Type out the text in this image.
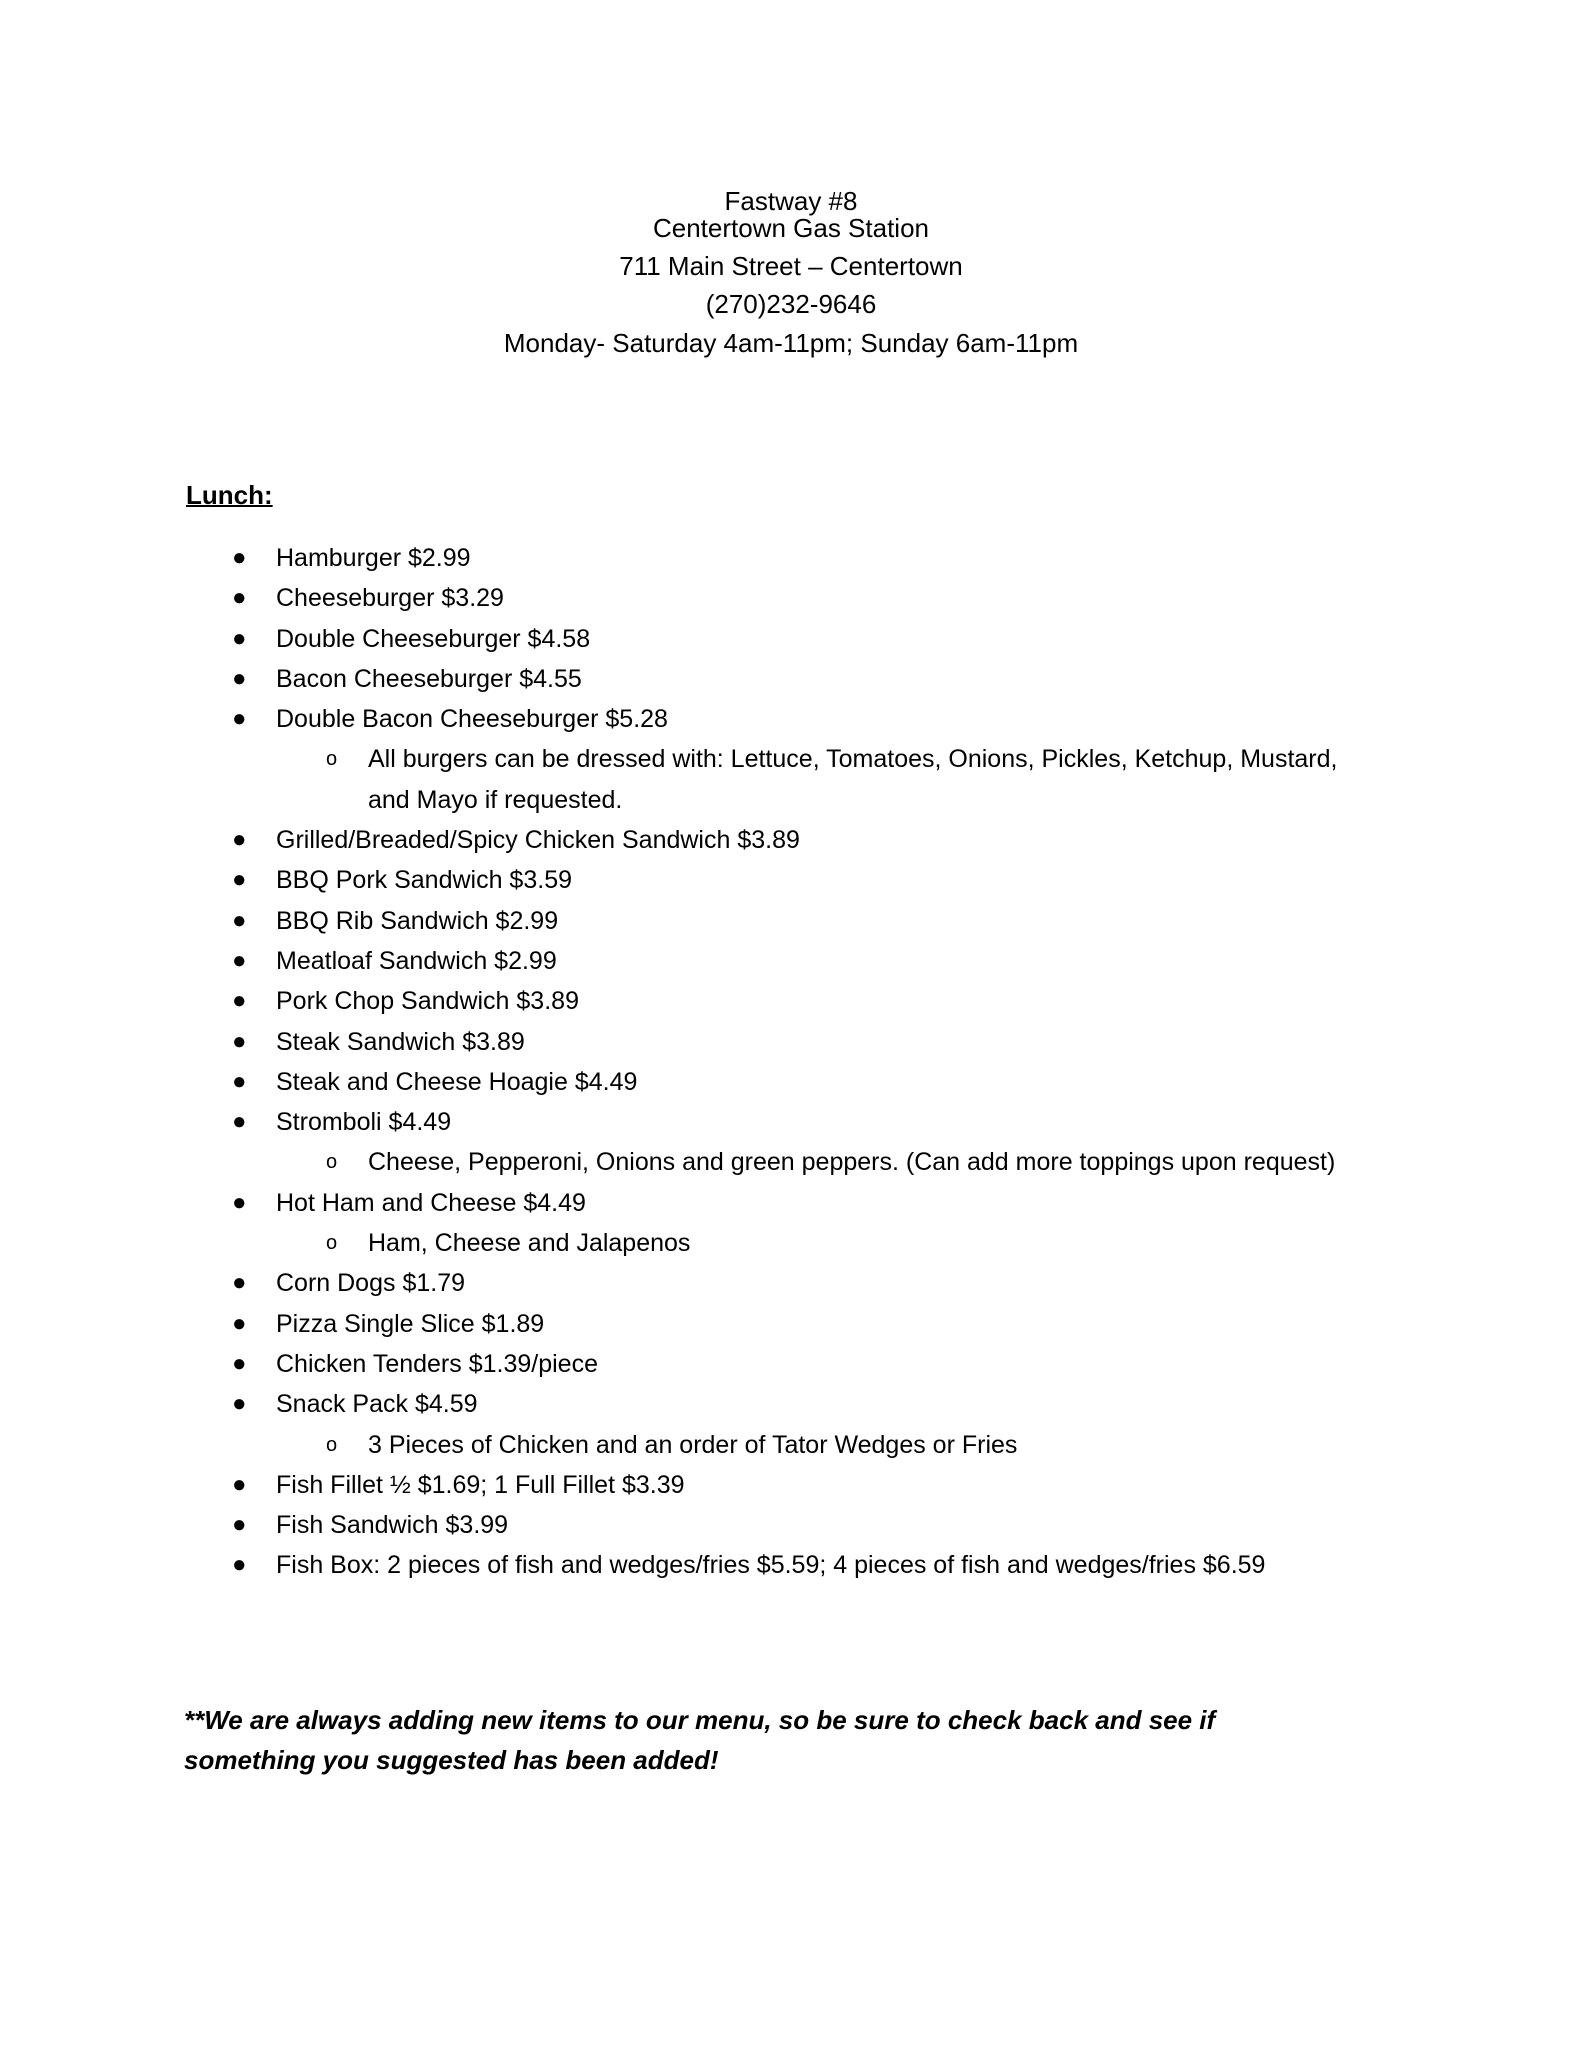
Fastway #8
Centertown Gas Station
711 Main Street – Centertown
(270)232-9646
Monday- Saturday 4am-11pm; Sunday 6am-11pm
Lunch:
● Hamburger $2.99
● Cheeseburger $3.29
● Double Cheeseburger $4.58
● Bacon Cheeseburger $4.55
● Double Bacon Cheeseburger $5.28
o All burgers can be dressed with: Lettuce, Tomatoes, Onions, Pickles, Ketchup, Mustard, and Mayo if requested.
● Grilled/Breaded/Spicy Chicken Sandwich $3.89
● BBQ Pork Sandwich $3.59
● BBQ Rib Sandwich $2.99
● Meatloaf Sandwich $2.99
● Pork Chop Sandwich $3.89
● Steak Sandwich $3.89
● Steak and Cheese Hoagie $4.49
● Stromboli $4.49
o Cheese, Pepperoni, Onions and green peppers. (Can add more toppings upon request)
● Hot Ham and Cheese $4.49
o Ham, Cheese and Jalapenos
● Corn Dogs $1.79
● Pizza Single Slice $1.89
● Chicken Tenders $1.39/piece
● Snack Pack $4.59
o 3 Pieces of Chicken and an order of Tator Wedges or Fries
● Fish Fillet ½ $1.69; 1 Full Fillet $3.39
● Fish Sandwich $3.99
● Fish Box: 2 pieces of fish and wedges/fries $5.59; 4 pieces of fish and wedges/fries $6.59
**We are always adding new items to our menu, so be sure to check back and see if something you suggested has been added!
